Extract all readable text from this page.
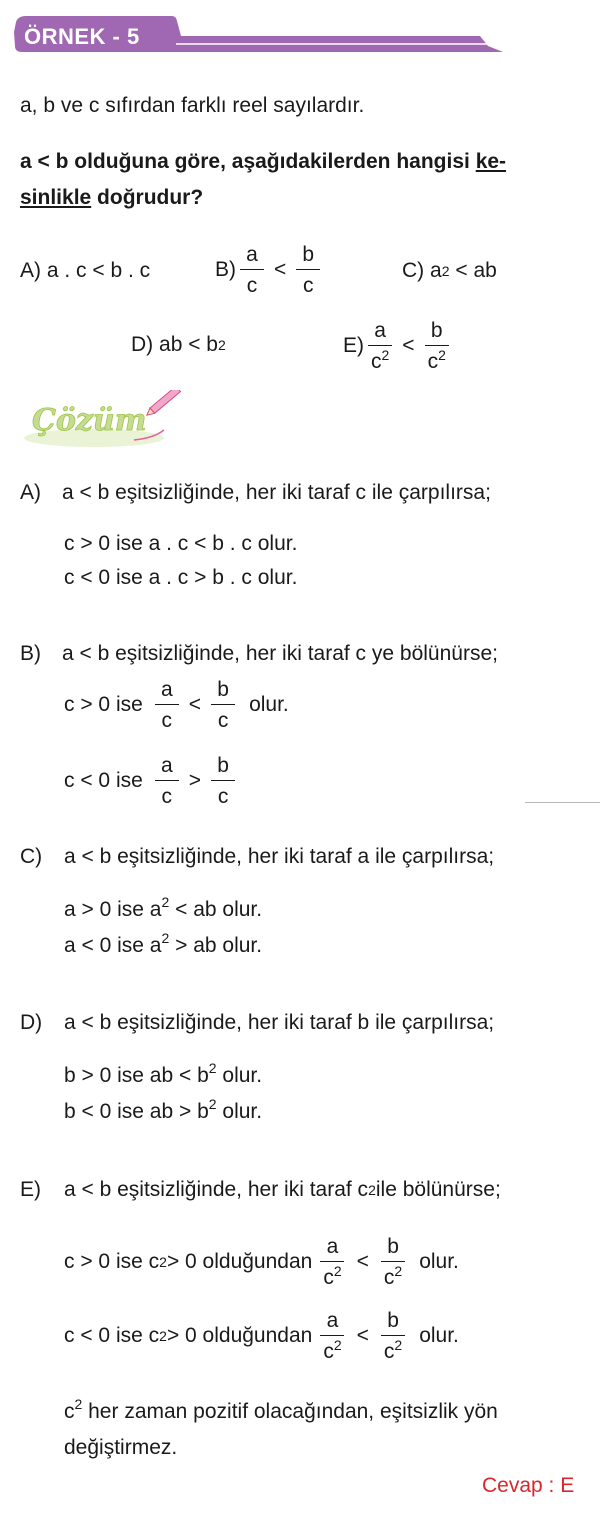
ÖRNEK - 5
a, b ve c sıfırdan farklı reel sayılardır.
a < b olduğuna göre, aşağıdakilerden hangisi ke-
sinlikle doğrudur?
A)
a . c < b . c	$B) \frac{a}{c} < \frac{b}{c}$	C)
a 2
< ab
D)
ab < b 2	$E) \frac{a}{c^2} < \frac{b}{c^2}$
Çözüm
A)	a < b eşitsizliğinde, her iki taraf c ile çarpılırsa;
c > 0 ise a . c < b . c olur.
c < 0 ise a . c > b . c olur.
B)	a < b eşitsizliğinde, her iki taraf c ye bölünürse;
c > 0 ise $\frac{a}{c} < \frac{b}{c}$ olur.
c < 0 ise $\frac{a}{c} > \frac{b}{c}$
C)	a < b eşitsizliğinde, her iki taraf a ile çarpılırsa;
a > 0 ise $a^2$ < ab olur.
a < 0 ise $a^2$ > ab olur.
D)	a < b eşitsizliğinde, her iki taraf b ile çarpılırsa;
b > 0 ise ab < $b^2$ olur.
b < 0 ise ab > $b^2$ olur.
E)	a < b eşitsizliğinde, her iki taraf c 2 ile bölünürse;
c > 0 ise c 2 > 0 olduğundan $\frac{a}{c^2} < \frac{b}{c^2}$ olur.
c < 0 ise c 2 > 0 olduğundan $\frac{a}{c^2} < \frac{b}{c^2}$ olur.
$c^2$ her zaman pozitif olacağından, eşitsizlik yön
değiştirmez.
Cevap : E
